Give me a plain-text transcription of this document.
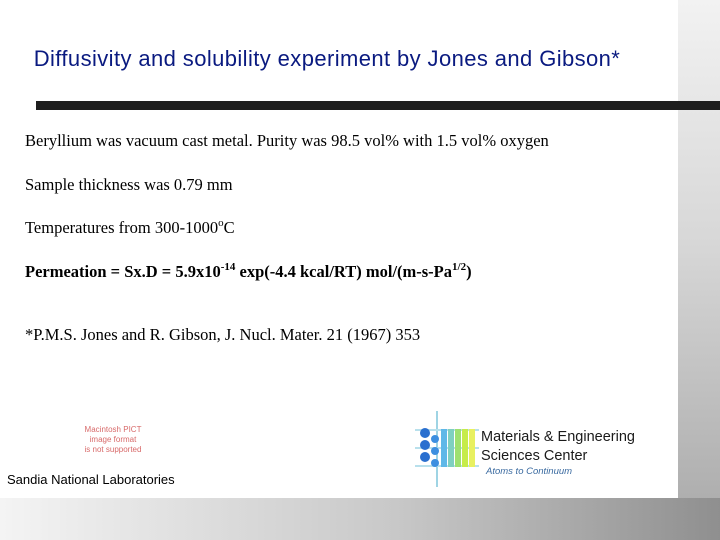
Diffusivity and solubility experiment by Jones and Gibson*
Beryllium was vacuum cast metal. Purity was 98.5 vol% with 1.5 vol% oxygen
Sample thickness was 0.79 mm
Temperatures from 300-1000$^o$C
Permeation = $Sx.D = 5.9x10^{-14}$ exp(-4.4 kcal/RT) mol/$(m-s-Pa^{1/2})$
*P.M.S. Jones and R. Gibson, J. Nucl. Mater. 21 (1967) 353
Macintosh PICT
image format
is not supported
Sandia National Laboratories
Materials & Engineering
Sciences Center
Atoms to Continuum
